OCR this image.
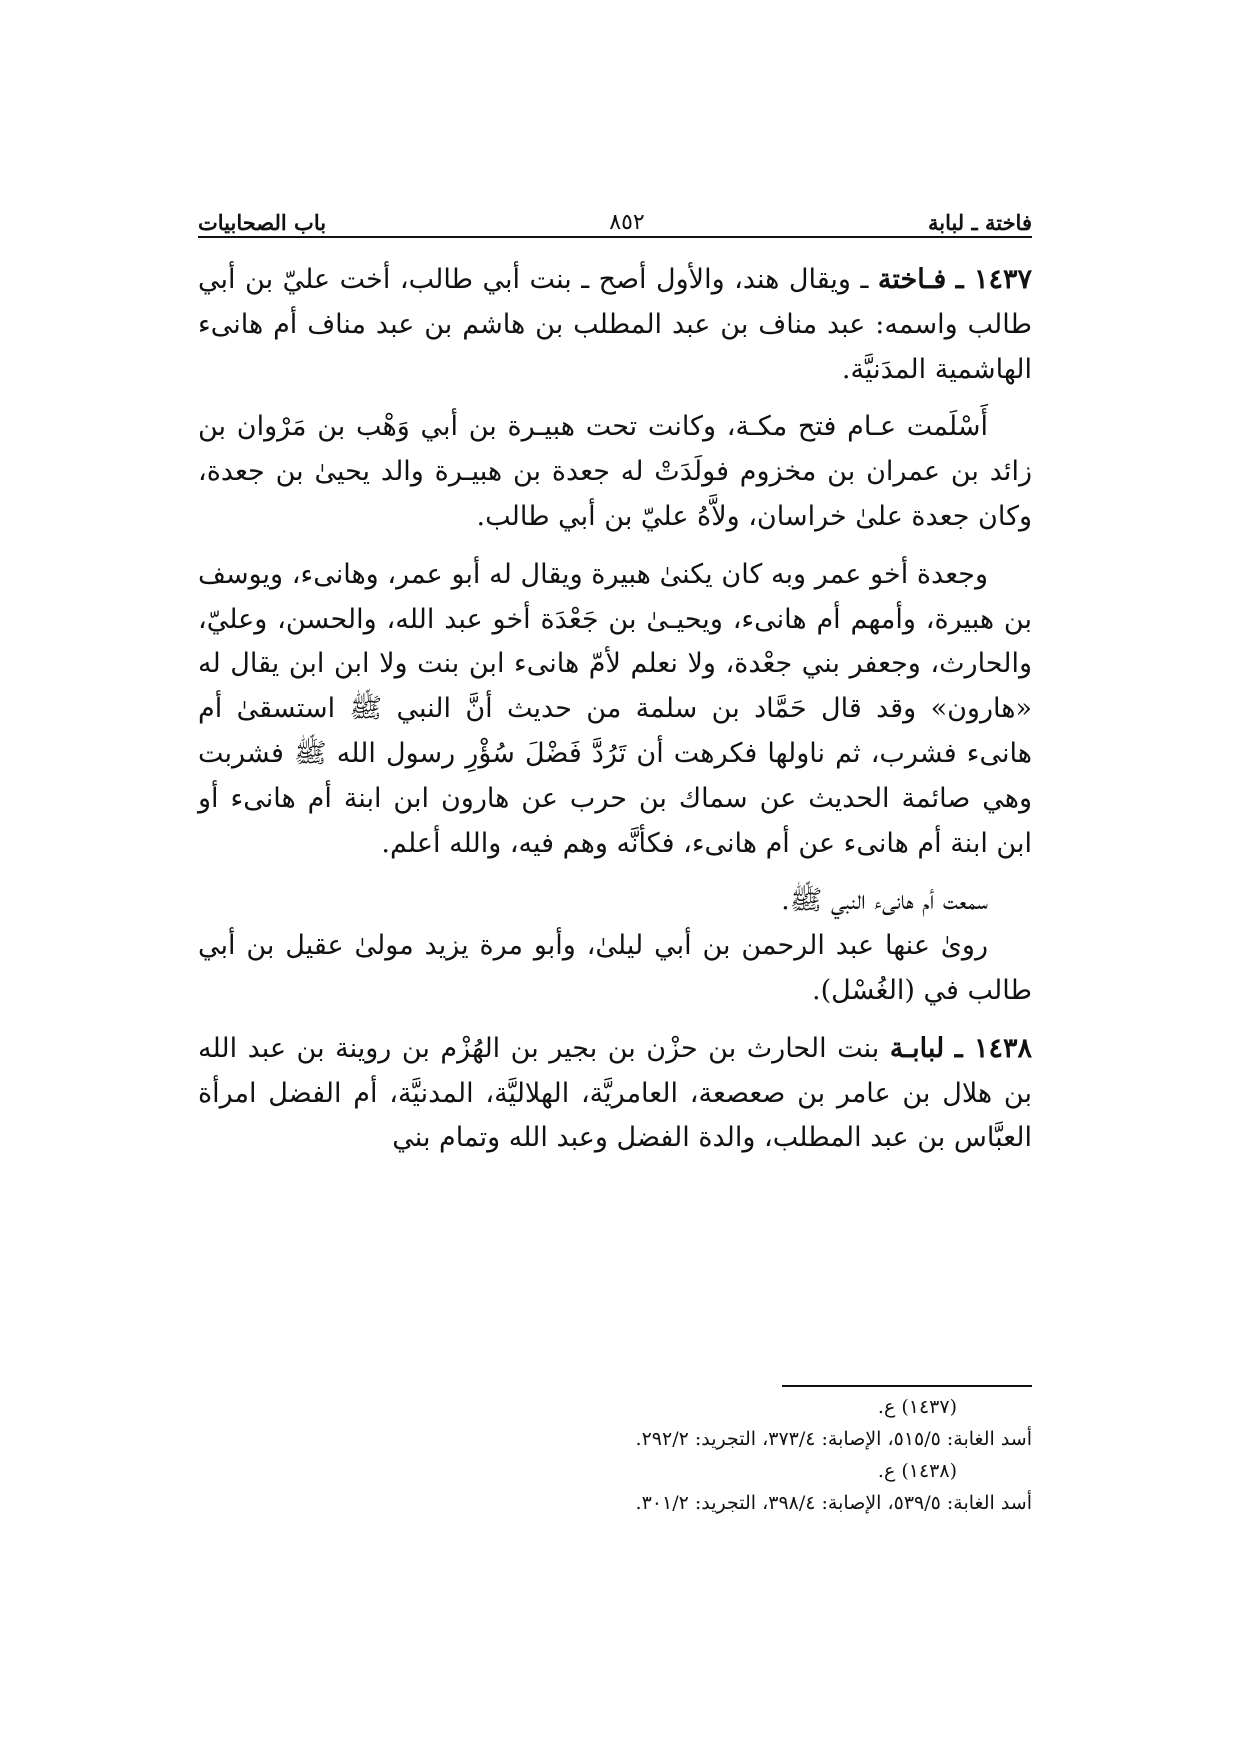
فاختة ـ لبابة
٨٥٢
باب الصحابيات

١٤٣٧ ـ فـاختة ـ ويقال هند، والأول أصح ـ بنت أبي طالب، أخت عليّ بن أبي طالب واسمه: عبد مناف بن عبد المطلب بن هاشم بن عبد مناف أم هانىء الهاشمية المدَنيَّة.

أَسْلَمت عـام فتح مكـة، وكانت تحت هبيـرة بن أبي وَهْب بن مَرْوان بن زائد بن عمران بن مخزوم فولَدَتْ له جعدة بن هبيـرة والد يحيىٰ بن جعدة، وكان جعدة علىٰ خراسان، ولاَّهُ عليّ بن أبي طالب.

وجعدة أخو عمر وبه كان يكنىٰ هبيرة ويقال له أبو عمر، وهانىء، ويوسف بن هبيرة، وأمهم أم هانىء، ويحيـىٰ بن جَعْدَة أخو عبد الله، والحسن، وعليّ، والحارث، وجعفر بني جعْدة، ولا نعلم لأمّ هانىء ابن بنت ولا ابن ابن يقال له «هارون» وقد قال حَمَّاد بن سلمة من حديث أنَّ النبي ﷺ استسقىٰ أم هانىء فشرب، ثم ناولها فكرهت أن تَرُدَّ فَضْلَ سُؤْرِ رسول الله ﷺ فشربت وهي صائمة الحديث عن سماك بن حرب عن هارون ابن ابنة أم هانىء أو ابن ابنة أم هانىء عن أم هانىء، فكأنَّه وهم فيه، والله أعلم.

سمعت أم هانىء النبي ﷺ.

روىٰ عنها عبد الرحمن بن أبي ليلىٰ، وأبو مرة يزيد مولىٰ عقيل بن أبي طالب في (الغُسْل).

١٤٣٨ ـ لبابـة بنت الحارث بن حزْن بن بجير بن الهُزْم بن روينة بن عبد الله بن هلال بن عامر بن صعصعة، العامريَّة، الهلاليَّة، المدنيَّة، أم الفضل امرأة العبَّاس بن عبد المطلب، والدة الفضل وعبد الله وتمام بني

(١٤٣٧) ع.

أسد الغابة: ٥١٥/٥، الإصابة: ٣٧٣/٤، التجريد: ٢٩٢/٢.

(١٤٣٨) ع.

أسد الغابة: ٥٣٩/٥، الإصابة: ٣٩٨/٤، التجريد: ٣٠١/٢.
